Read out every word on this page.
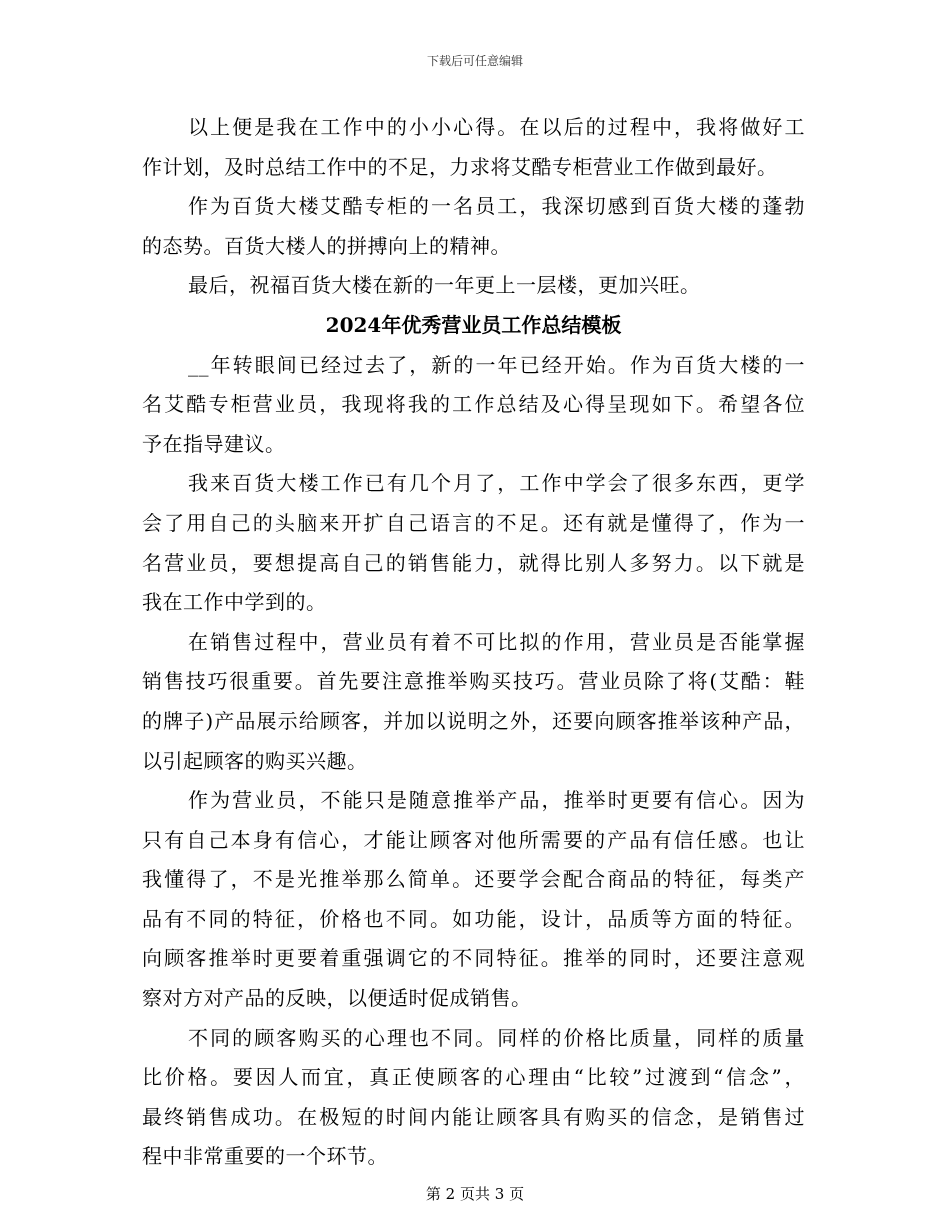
下载后可任意编辑
以上便是我在工作中的小小心得。在以后的过程中，我将做好工
作计划，及时总结工作中的不足，力求将艾酷专柜营业工作做到最好。
作为百货大楼艾酷专柜的一名员工，我深切感到百货大楼的蓬勃
的态势。百货大楼人的拼搏向上的精神。
最后，祝福百货大楼在新的一年更上一层楼，更加兴旺。
2024年优秀营业员工作总结模板
__年转眼间已经过去了，新的一年已经开始。作为百货大楼的一
名艾酷专柜营业员，我现将我的工作总结及心得呈现如下。希望各位
予在指导建议。
我来百货大楼工作已有几个月了，工作中学会了很多东西，更学
会了用自己的头脑来开扩自己语言的不足。还有就是懂得了，作为一
名营业员，要想提高自己的销售能力，就得比别人多努力。以下就是
我在工作中学到的。
在销售过程中，营业员有着不可比拟的作用，营业员是否能掌握
销售技巧很重要。首先要注意推举购买技巧。营业员除了将(艾酷：鞋
的牌子)产品展示给顾客，并加以说明之外，还要向顾客推举该种产品，
以引起顾客的购买兴趣。
作为营业员，不能只是随意推举产品，推举时更要有信心。因为
只有自己本身有信心，才能让顾客对他所需要的产品有信任感。也让
我懂得了，不是光推举那么简单。还要学会配合商品的特征，每类产
品有不同的特征，价格也不同。如功能，设计，品质等方面的特征。
向顾客推举时更要着重强调它的不同特征。推举的同时，还要注意观
察对方对产品的反映，以便适时促成销售。
不同的顾客购买的心理也不同。同样的价格比质量，同样的质量
比价格。要因人而宜，真正使顾客的心理由“比较”过渡到“信念”，
最终销售成功。在极短的时间内能让顾客具有购买的信念，是销售过
程中非常重要的一个环节。
第 2 页共 3 页
